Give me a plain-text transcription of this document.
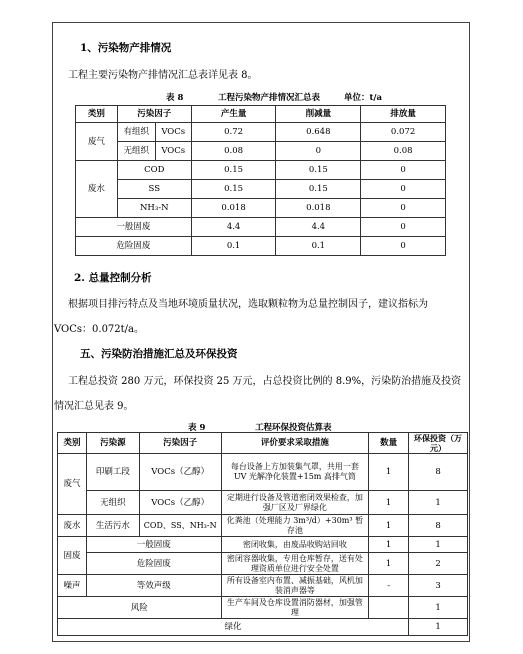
1、污染物产排情况
工程主要污染物产排情况汇总表详见表 8。
表 8	工程污染物产排情况汇总表	单位：t/a
类别	污染因子		产生量	削减量	排放量
废气	有组织	VOCs	0.72	0.648	0.072
	无组织	VOCs	0.08	0	0.08
废水	COD		0.15	0.15	0
	SS		0.15	0.15	0
	NH₃-N		0.018	0.018	0
一般固废			4.4	4.4	0
危险固废			0.1	0.1	0
2. 总量控制分析
根据项目排污特点及当地环境质量状况，选取颗粒物为总量控制因子，建议指标为
VOCs：0.072t/a。
五、污染防治措施汇总及环保投资
工程总投资 280 万元，环保投资 25 万元，占总投资比例的 8.9%，污染防治措施及投资
情况汇总见表 9。
表 9	工程环保投资估算表
类别	污染源	污染因子	评价要求采取措施	数量	环保投资（万元）
废气	印刷工段	VOCs（乙醇）	每台设备上方加装集气罩，共用一套 UV 光解净化装置+15m 高排气筒	1	8
	无组织	VOCs（乙醇）	定期进行设备及管道密闭效果检查，加强厂区及厂界绿化	1	1
废水	生活污水	COD、SS、NH₃-N	化粪池（处理能力 3m³/d）+30m³ 暂存池	1	8
固废	一般固废		密闭收集，由废品收购站回收	1	1
	危险固废		密闭容器收集，专用仓库暂存，送有处理资质单位进行安全处置	1	2
噪声	等效声级		所有设备室内布置、减振基础，风机加装消声器等	-	3
风险			生产车间及仓库设置消防器材，加强管理		1
绿化					1
